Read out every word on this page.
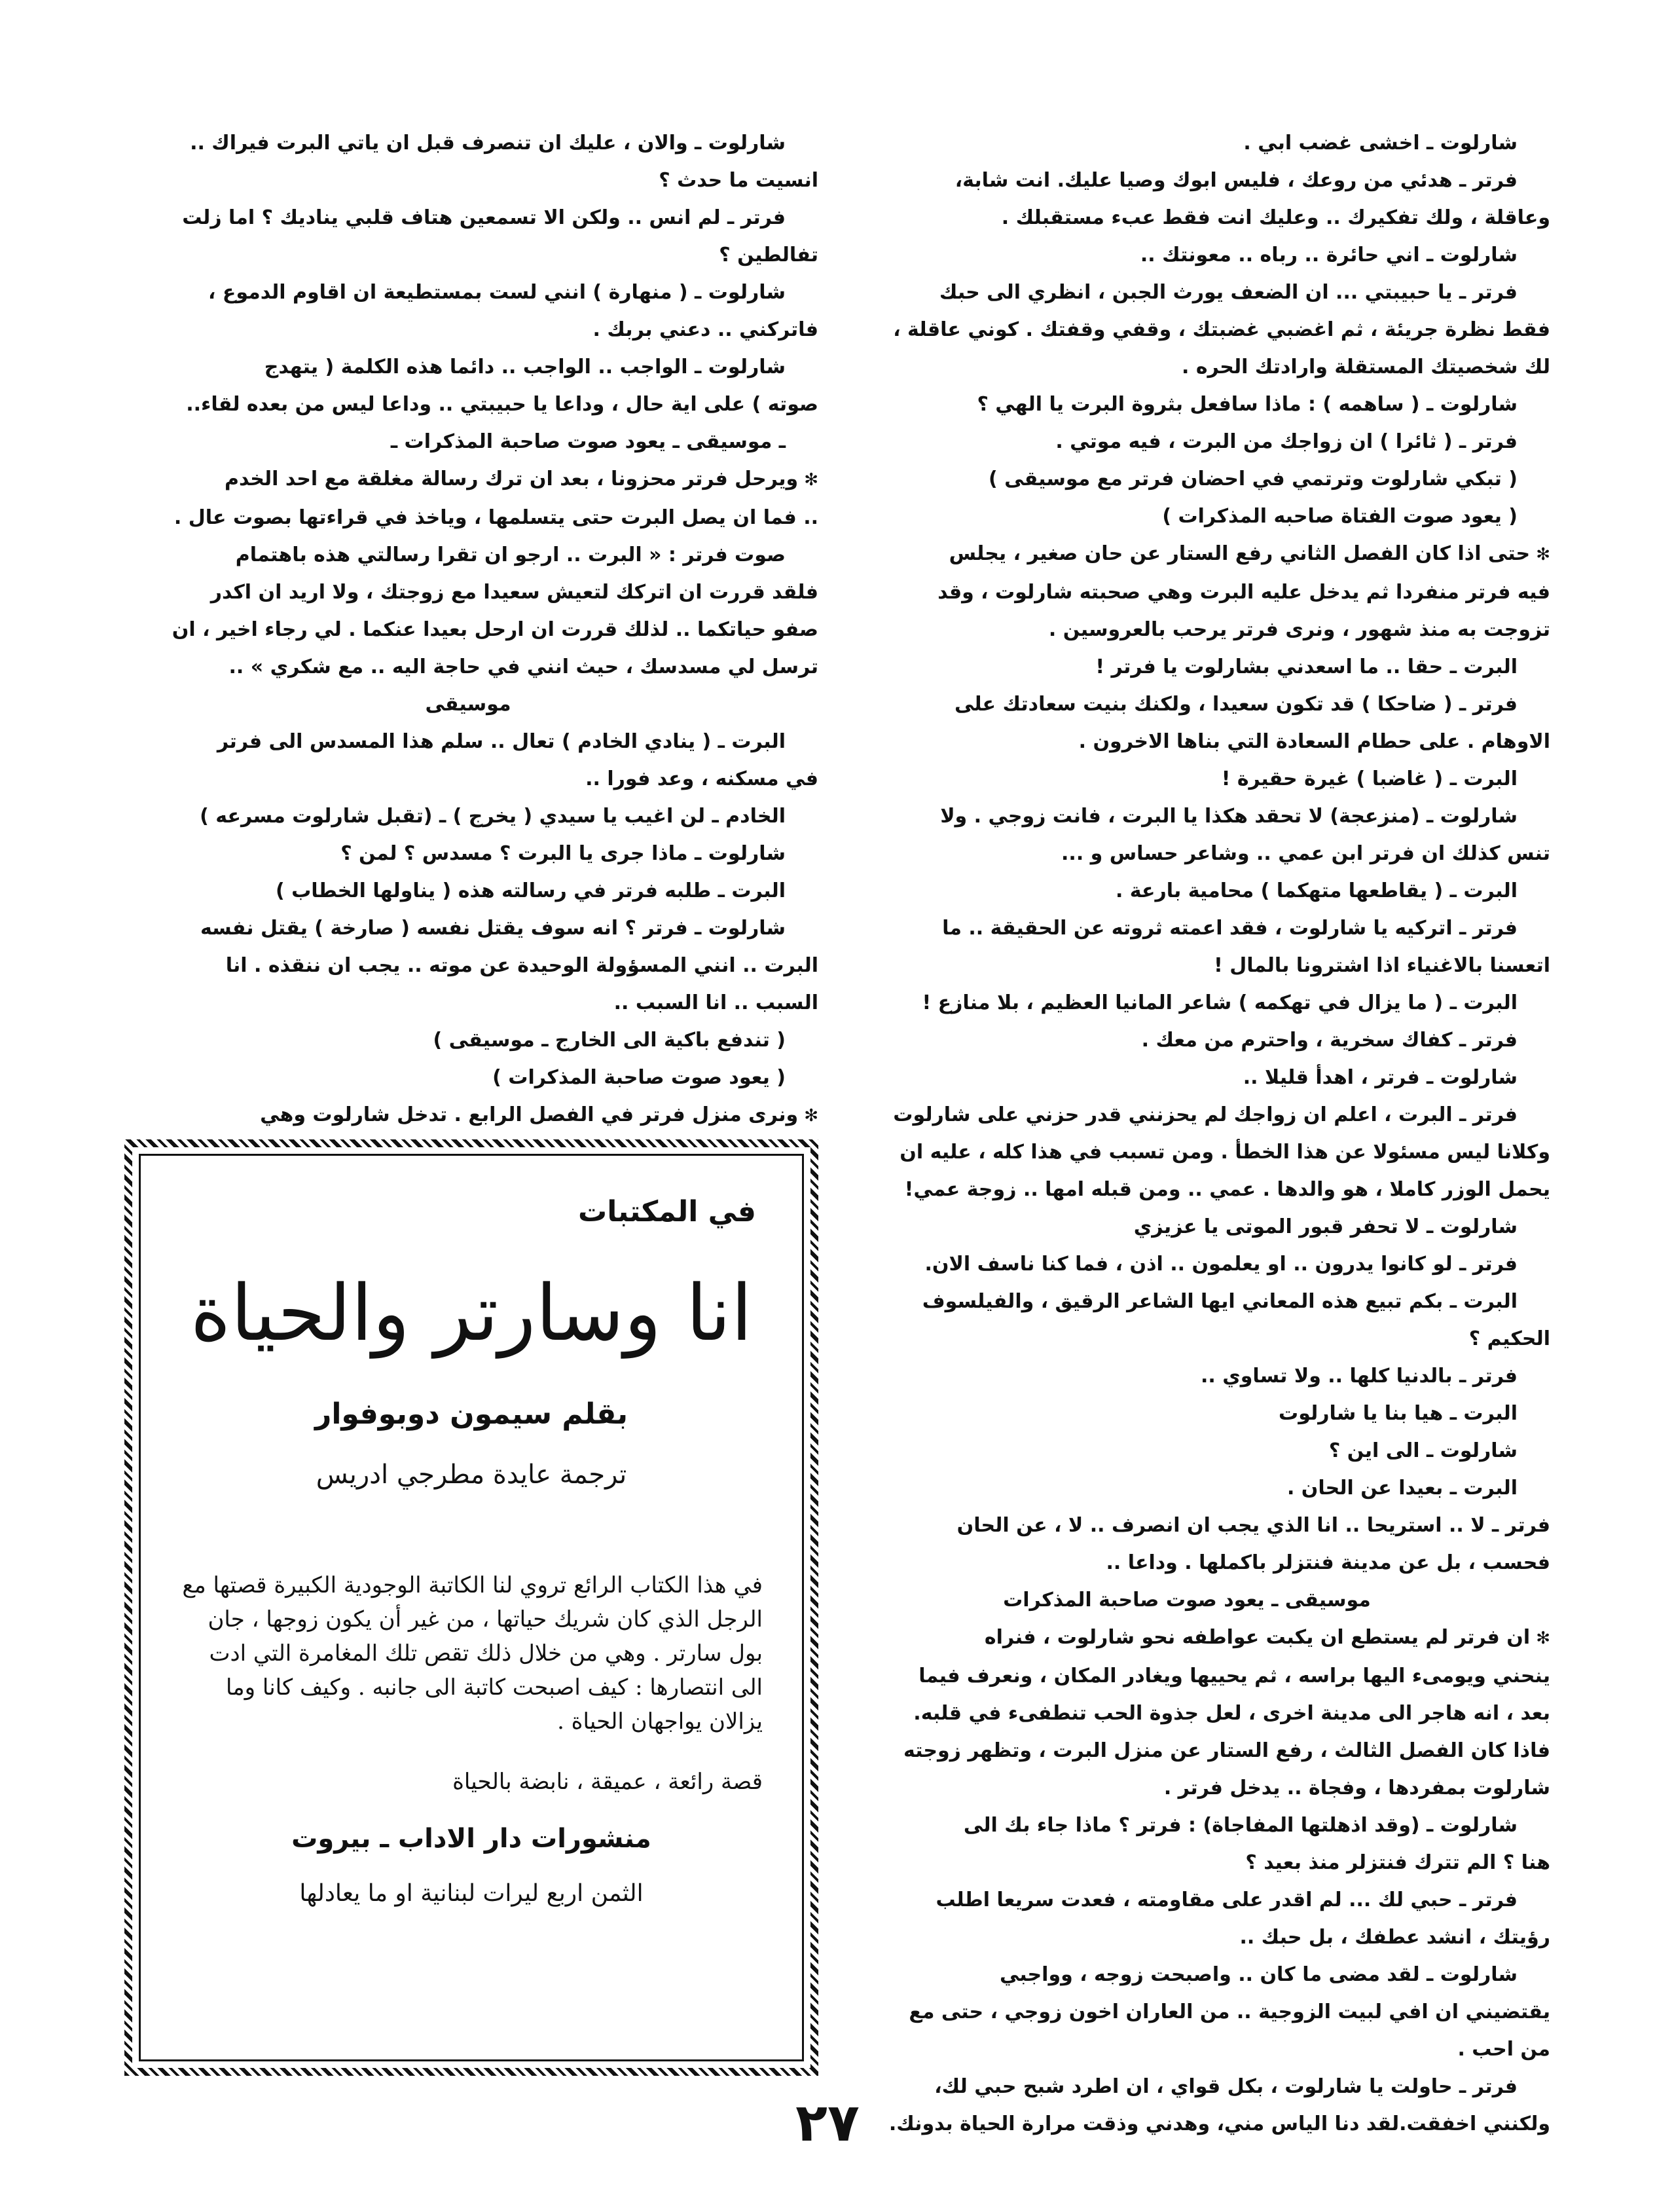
شارلوت ـ اخشى غضب ابي .
فرتر ـ هدئي من روعك ، فليس ابوك وصيا عليك. انت شابة،
وعاقلة ، ولك تفكيرك .. وعليك انت فقط عبء مستقبلك .
شارلوت ـ اني حائرة .. رباه .. معونتك ..
فرتر ـ يا حبيبتي ... ان الضعف يورث الجبن ، انظري الى حبك
فقط نظرة جريئة ، ثم اغضبي غضبتك ، وقفي وقفتك . كوني عاقلة ،
لك شخصيتك المستقلة وارادتك الحره .
شارلوت ـ ( ساهمه ) : ماذا سافعل بثروة البرت يا الهي ؟
فرتر ـ ( ثائرا ) ان زواجك من البرت ، فيه موتي .
( تبكي شارلوت وترتمي في احضان فرتر مع موسيقى )
( يعود صوت الفتاة صاحبه المذكرات )
✻ حتى اذا كان الفصل الثاني رفع الستار عن حان صغير ، يجلس
فيه فرتر منفردا ثم يدخل عليه البرت وهي صحبته شارلوت ، وقد
تزوجت به منذ شهور ، ونرى فرتر يرحب بالعروسين .
البرت ـ حقا .. ما اسعدني بشارلوت يا فرتر !
فرتر ـ ( ضاحكا ) قد تكون سعيدا ، ولكنك بنيت سعادتك على
الاوهام . على حطام السعادة التي بناها الاخرون .
البرت ـ ( غاضبا ) غيرة حقيرة !
شارلوت ـ (منزعجة) لا تحقد هكذا يا البرت ، فانت زوجي . ولا
تنس كذلك ان فرتر ابن عمي .. وشاعر حساس و ...
البرت ـ ( يقاطعها متهكما ) محامية بارعة .
فرتر ـ اتركيه يا شارلوت ، فقد اعمته ثروته عن الحقيقة .. ما
اتعسنا بالاغنياء اذا اشترونا بالمال !
البرت ـ ( ما يزال في تهكمه ) شاعر المانيا العظيم ، بلا منازع !
فرتر ـ كفاك سخرية ، واحترم من معك .
شارلوت ـ فرتر ، اهدأ قليلا ..
فرتر ـ البرت ، اعلم ان زواجك لم يحزنني قدر حزني على شارلوت
وكلانا ليس مسئولا عن هذا الخطأ . ومن تسبب في هذا كله ، عليه ان
يحمل الوزر كاملا ، هو والدها . عمي .. ومن قبله امها .. زوجة عمي!
شارلوت ـ لا تحفر قبور الموتى يا عزيزي
فرتر ـ لو كانوا يدرون .. او يعلمون .. اذن ، فما كنا ناسف الان.
البرت ـ بكم تبيع هذه المعاني ايها الشاعر الرقيق ، والفيلسوف
الحكيم ؟
فرتر ـ بالدنيا كلها .. ولا تساوي ..
البرت ـ هيا بنا يا شارلوت
شارلوت ـ الى اين ؟
البرت ـ بعيدا عن الحان .
فرتر ـ لا .. استريحا .. انا الذي يجب ان انصرف .. لا ، عن الحان
فحسب ، بل عن مدينة فنتزلر باكملها . وداعا ..
موسيقى ـ يعود صوت صاحبة المذكرات
✻ ان فرتر لم يستطع ان يكبت عواطفه نحو شارلوت ، فنراه
ينحني ويومىء اليها براسه ، ثم يحييها ويغادر المكان ، ونعرف فيما
بعد ، انه هاجر الى مدينة اخرى ، لعل جذوة الحب تنطفىء في قلبه.
فاذا كان الفصل الثالث ، رفع الستار عن منزل البرت ، وتظهر زوجته
شارلوت بمفردها ، وفجاة .. يدخل فرتر .
شارلوت ـ (وقد اذهلتها المفاجاة) : فرتر ؟ ماذا جاء بك الى
هنا ؟ الم تترك فنتزلر منذ بعيد ؟
فرتر ـ حبي لك ... لم اقدر على مقاومته ، فعدت سريعا اطلب
رؤيتك ، انشد عطفك ، بل حبك ..
شارلوت ـ لقد مضى ما كان .. واصبحت زوجه ، وواجبي
يقتضيني ان افي لبيت الزوجية .. من العاران اخون زوجي ، حتى مع
من احب .
فرتر ـ حاولت يا شارلوت ، بكل قواي ، ان اطرد شبح حبي لك،
ولكنني اخفقت.لقد دنا الياس مني، وهدني وذقت مرارة الحياة بدونك.
شارلوت ـ والان ، عليك ان تنصرف قبل ان ياتي البرت فيراك ..
انسيت ما حدث ؟
فرتر ـ لم انس .. ولكن الا تسمعين هتاف قلبي يناديك ؟ اما زلت
تفالطين ؟
شارلوت ـ ( منهارة ) انني لست بمستطيعة ان اقاوم الدموع ،
فاتركني .. دعني بربك .
شارلوت ـ الواجب .. الواجب .. دائما هذه الكلمة ( يتهدج
صوته ) على اية حال ، وداعا يا حبيبتي .. وداعا ليس من بعده لقاء..
ـ موسيقى ـ يعود صوت صاحبة المذكرات ـ
✻ ويرحل فرتر محزونا ، بعد ان ترك رسالة مغلقة مع احد الخدم
.. فما ان يصل البرت حتى يتسلمها ، وياخذ في قراءتها بصوت عال .
صوت فرتر : « البرت .. ارجو ان تقرا رسالتي هذه باهتمام
فلقد قررت ان اتركك لتعيش سعيدا مع زوجتك ، ولا اريد ان اكدر
صفو حياتكما .. لذلك قررت ان ارحل بعيدا عنكما . لي رجاء اخير ، ان
ترسل لي مسدسك ، حيث انني في حاجة اليه .. مع شكري » ..
موسيقى
البرت ـ ( ينادي الخادم ) تعال .. سلم هذا المسدس الى فرتر
في مسكنه ، وعد فورا ..
الخادم ـ لن اغيب يا سيدي ( يخرج ) ـ (تقبل شارلوت مسرعه )
شارلوت ـ ماذا جرى يا البرت ؟ مسدس ؟ لمن ؟
البرت ـ طلبه فرتر في رسالته هذه ( يناولها الخطاب )
شارلوت ـ فرتر ؟ انه سوف يقتل نفسه ( صارخة ) يقتل نفسه
البرت .. انني المسؤولة الوحيدة عن موته .. يجب ان ننقذه . انا
السبب .. انا السبب ..
( تندفع باكية الى الخارج ـ موسيقى )
( يعود صوت صاحبة المذكرات )
✻ ونرى منزل فرتر في الفصل الرابع . تدخل شارلوت وهي
في المكتبات
انا وسارتر والحياة
بقلم سيمون دوبوفوار
ترجمة عايدة مطرجي ادريس
في هذا الكتاب الرائع تروي لنا الكاتبة الوجودية الكبيرة قصتها مع الرجل الذي كان شريك حياتها ، من غير أن يكون زوجها ، جان بول سارتر . وهي من خلال ذلك تقص تلك المغامرة التي ادت الى انتصارها : كيف اصبحت كاتبة الى جانبه . وكيف كانا وما يزالان يواجهان الحياة .
قصة رائعة ، عميقة ، نابضة بالحياة
منشورات دار الاداب ـ بيروت
الثمن اربع ليرات لبنانية او ما يعادلها
٢٧
